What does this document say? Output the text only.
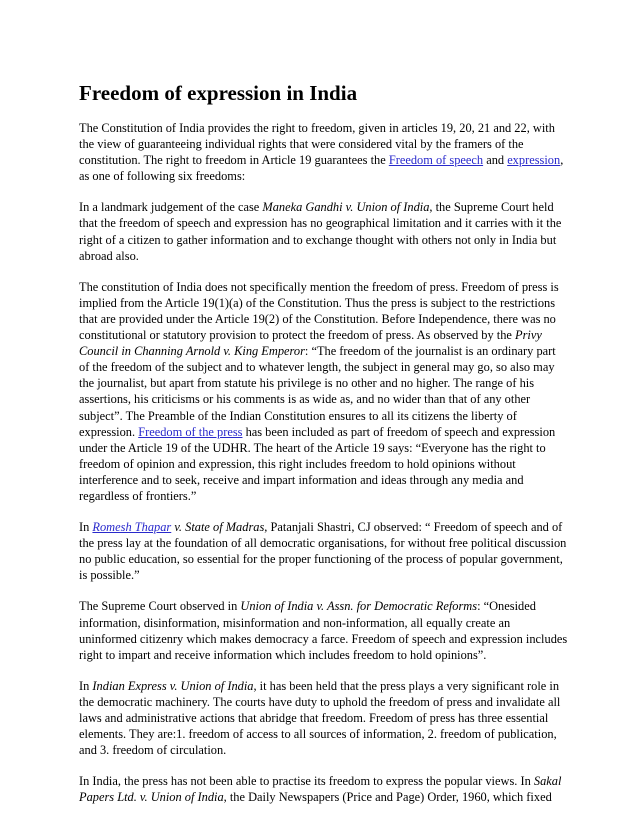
Freedom of expression in India

The Constitution of India provides the right to freedom, given in articles 19, 20, 21 and 22, with the view of guaranteeing individual rights that were considered vital by the framers of the constitution. The right to freedom in Article 19 guarantees the Freedom of speech and expression, as one of following six freedoms:

In a landmark judgement of the case Maneka Gandhi v. Union of India, the Supreme Court held that the freedom of speech and expression has no geographical limitation and it carries with it the right of a citizen to gather information and to exchange thought with others not only in India but abroad also.

The constitution of India does not specifically mention the freedom of press. Freedom of press is implied from the Article 19(1)(a) of the Constitution. Thus the press is subject to the restrictions that are provided under the Article 19(2) of the Constitution. Before Independence, there was no constitutional or statutory provision to protect the freedom of press. As observed by the Privy Council in Channing Arnold v. King Emperor: “The freedom of the journalist is an ordinary part of the freedom of the subject and to whatever length, the subject in general may go, so also may the journalist, but apart from statute his privilege is no other and no higher. The range of his assertions, his criticisms or his comments is as wide as, and no wider than that of any other subject”. The Preamble of the Indian Constitution ensures to all its citizens the liberty of expression. Freedom of the press has been included as part of freedom of speech and expression under the Article 19 of the UDHR. The heart of the Article 19 says: “Everyone has the right to freedom of opinion and expression, this right includes freedom to hold opinions without interference and to seek, receive and impart information and ideas through any media and regardless of frontiers.”

In Romesh Thapar v. State of Madras, Patanjali Shastri, CJ observed: “ Freedom of speech and of the press lay at the foundation of all democratic organisations, for without free political discussion no public education, so essential for the proper functioning of the process of popular government, is possible.”

The Supreme Court observed in Union of India v. Assn. for Democratic Reforms: “Onesided information, disinformation, misinformation and non-information, all equally create an uninformed citizenry which makes democracy a farce. Freedom of speech and expression includes right to impart and receive information which includes freedom to hold opinions”.

In Indian Express v. Union of India, it has been held that the press plays a very significant role in the democratic machinery. The courts have duty to uphold the freedom of press and invalidate all laws and administrative actions that abridge that freedom. Freedom of press has three essential elements. They are:1. freedom of access to all sources of information, 2. freedom of publication, and 3. freedom of circulation.

In India, the press has not been able to practise its freedom to express the popular views. In Sakal Papers Ltd. v. Union of India, the Daily Newspapers (Price and Page) Order, 1960, which fixed
